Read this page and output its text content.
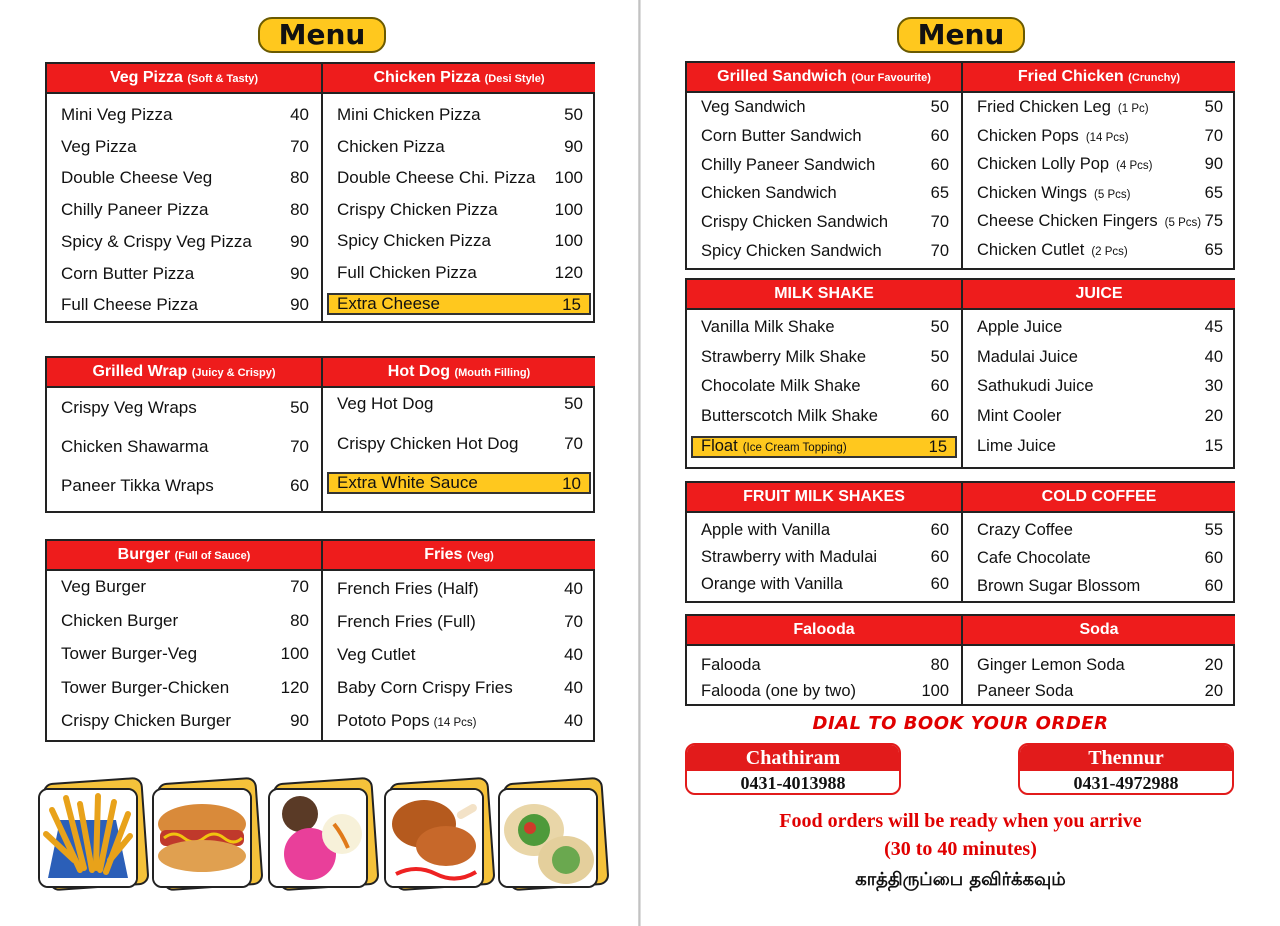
Menu
Veg Pizza (Soft & Tasty)
Mini Veg Pizza	40
Veg Pizza	70
Double Cheese Veg	80
Chilly Paneer Pizza	80
Spicy & Crispy Veg Pizza 90
Corn Butter Pizza	90
Full Cheese Pizza	90
Chicken Pizza (Desi Style)
Mini Chicken Pizza	50
Chicken Pizza	90
Double Cheese Chi. Pizza 100
Crispy Chicken Pizza	100
Spicy Chicken Pizza	100
Full Chicken Pizza	120
Extra Cheese	15
Grilled Wrap (Juicy & Crispy)
Crispy Veg Wraps	50
Chicken Shawarma	70
Paneer Tikka Wraps	60
Hot Dog (Mouth Filling)
Veg Hot Dog	50
Crispy Chicken Hot Dog	70
Extra White Sauce	10
Burger (Full of Sauce)
Veg Burger	70
Chicken Burger	80
Tower Burger-Veg	100
Tower Burger-Chicken	120
Crispy Chicken Burger	90
Fries (Veg)
French Fries (Half)	40
French Fries (Full)	70
Veg Cutlet	40
Baby Corn Crispy Fries	40
Pototo Pops (14 Pcs)	40
Menu
Grilled Sandwich (Our Favourite)
Veg Sandwich	50
Corn Butter Sandwich	60
Chilly Paneer Sandwich	60
Chicken Sandwich	65
Crispy Chicken Sandwich	70
Spicy Chicken Sandwich	70
Fried Chicken (Crunchy)
Fried Chicken Leg (1 Pc)	50
Chicken Pops (14 Pcs)	70
Chicken Lolly Pop (4 Pcs)	90
Chicken Wings (5 Pcs)	65
Cheese Chicken Fingers (5 Pcs) 75
Chicken Cutlet (2 Pcs)	65
MILK SHAKE
Vanilla Milk Shake	50
Strawberry Milk Shake	50
Chocolate Milk Shake	60
Butterscotch Milk Shake	60
Float (Ice Cream Topping)	15
JUICE
Apple Juice	45
Madulai Juice	40
Sathukudi Juice	30
Mint Cooler	20
Lime Juice	15
FRUIT MILK SHAKES
Apple with Vanilla	60
Strawberry with Madulai	60
Orange with Vanilla	60
COLD COFFEE
Crazy Coffee	55
Cafe Chocolate	60
Brown Sugar Blossom	60
Falooda
Falooda	80
Falooda (one by two)	100
Soda
Ginger Lemon Soda	20
Paneer Soda	20
DIAL TO BOOK YOUR ORDER
Chathiram
0431-4013988
Thennur
0431-4972988
Food orders will be ready when you arrive
(30 to 40 minutes)
காத்திருப்பை தவிர்க்கவும்
